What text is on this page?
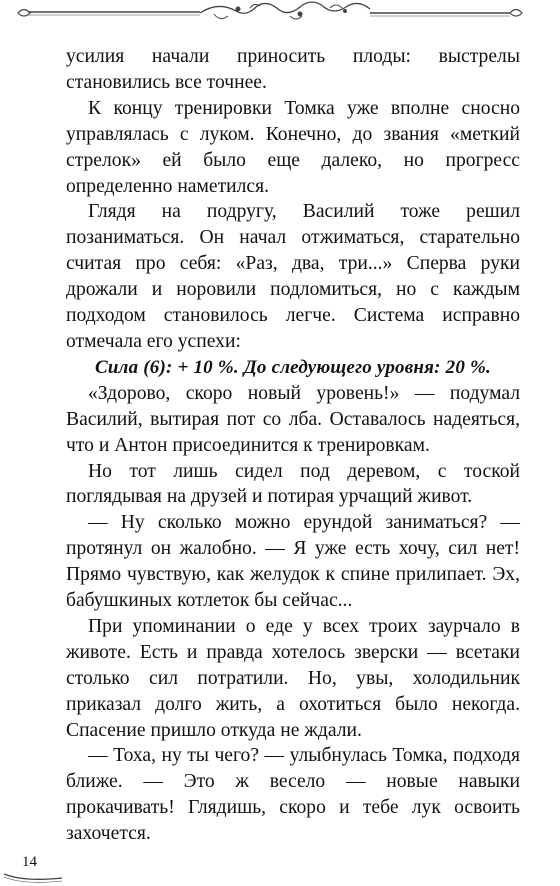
усилия начали приносить плоды: выстрелы становились все точнее.

К концу тренировки Томка уже вполне сносно управлялась с луком. Конечно, до звания «меткий стрелок» ей было еще далеко, но прогресс определенно наметился.

Глядя на подругу, Василий тоже решил позаниматься. Он начал отжиматься, старательно считая про себя: «Раз, два, три...» Сперва руки дрожали и норовили подломиться, но с каждым подходом становилось легче. Система исправно отмечала его успехи:

Сила (6): + 10 %. До следующего уровня: 20 %.

«Здорово, скоро новый уровень!» — подумал Василий, вытирая пот со лба. Оставалось надеяться, что и Антон присоединится к тренировкам.

Но тот лишь сидел под деревом, с тоской поглядывая на друзей и потирая урчащий живот.

— Ну сколько можно ерундой заниматься? — протянул он жалобно. — Я уже есть хочу, сил нет! Прямо чувствую, как желудок к спине прилипает. Эх, бабушкиных котлеток бы сейчас...

При упоминании о еде у всех троих заурчало в животе. Есть и правда хотелось зверски — всетаки столько сил потратили. Но, увы, холодильник приказал долго жить, а охотиться было некогда. Спасение пришло откуда не ждали.

— Тоха, ну ты чего? — улыбнулась Томка, подходя ближе. — Это ж весело — новые навыки прокачивать! Глядишь, скоро и тебе лук освоить захочется.

14
